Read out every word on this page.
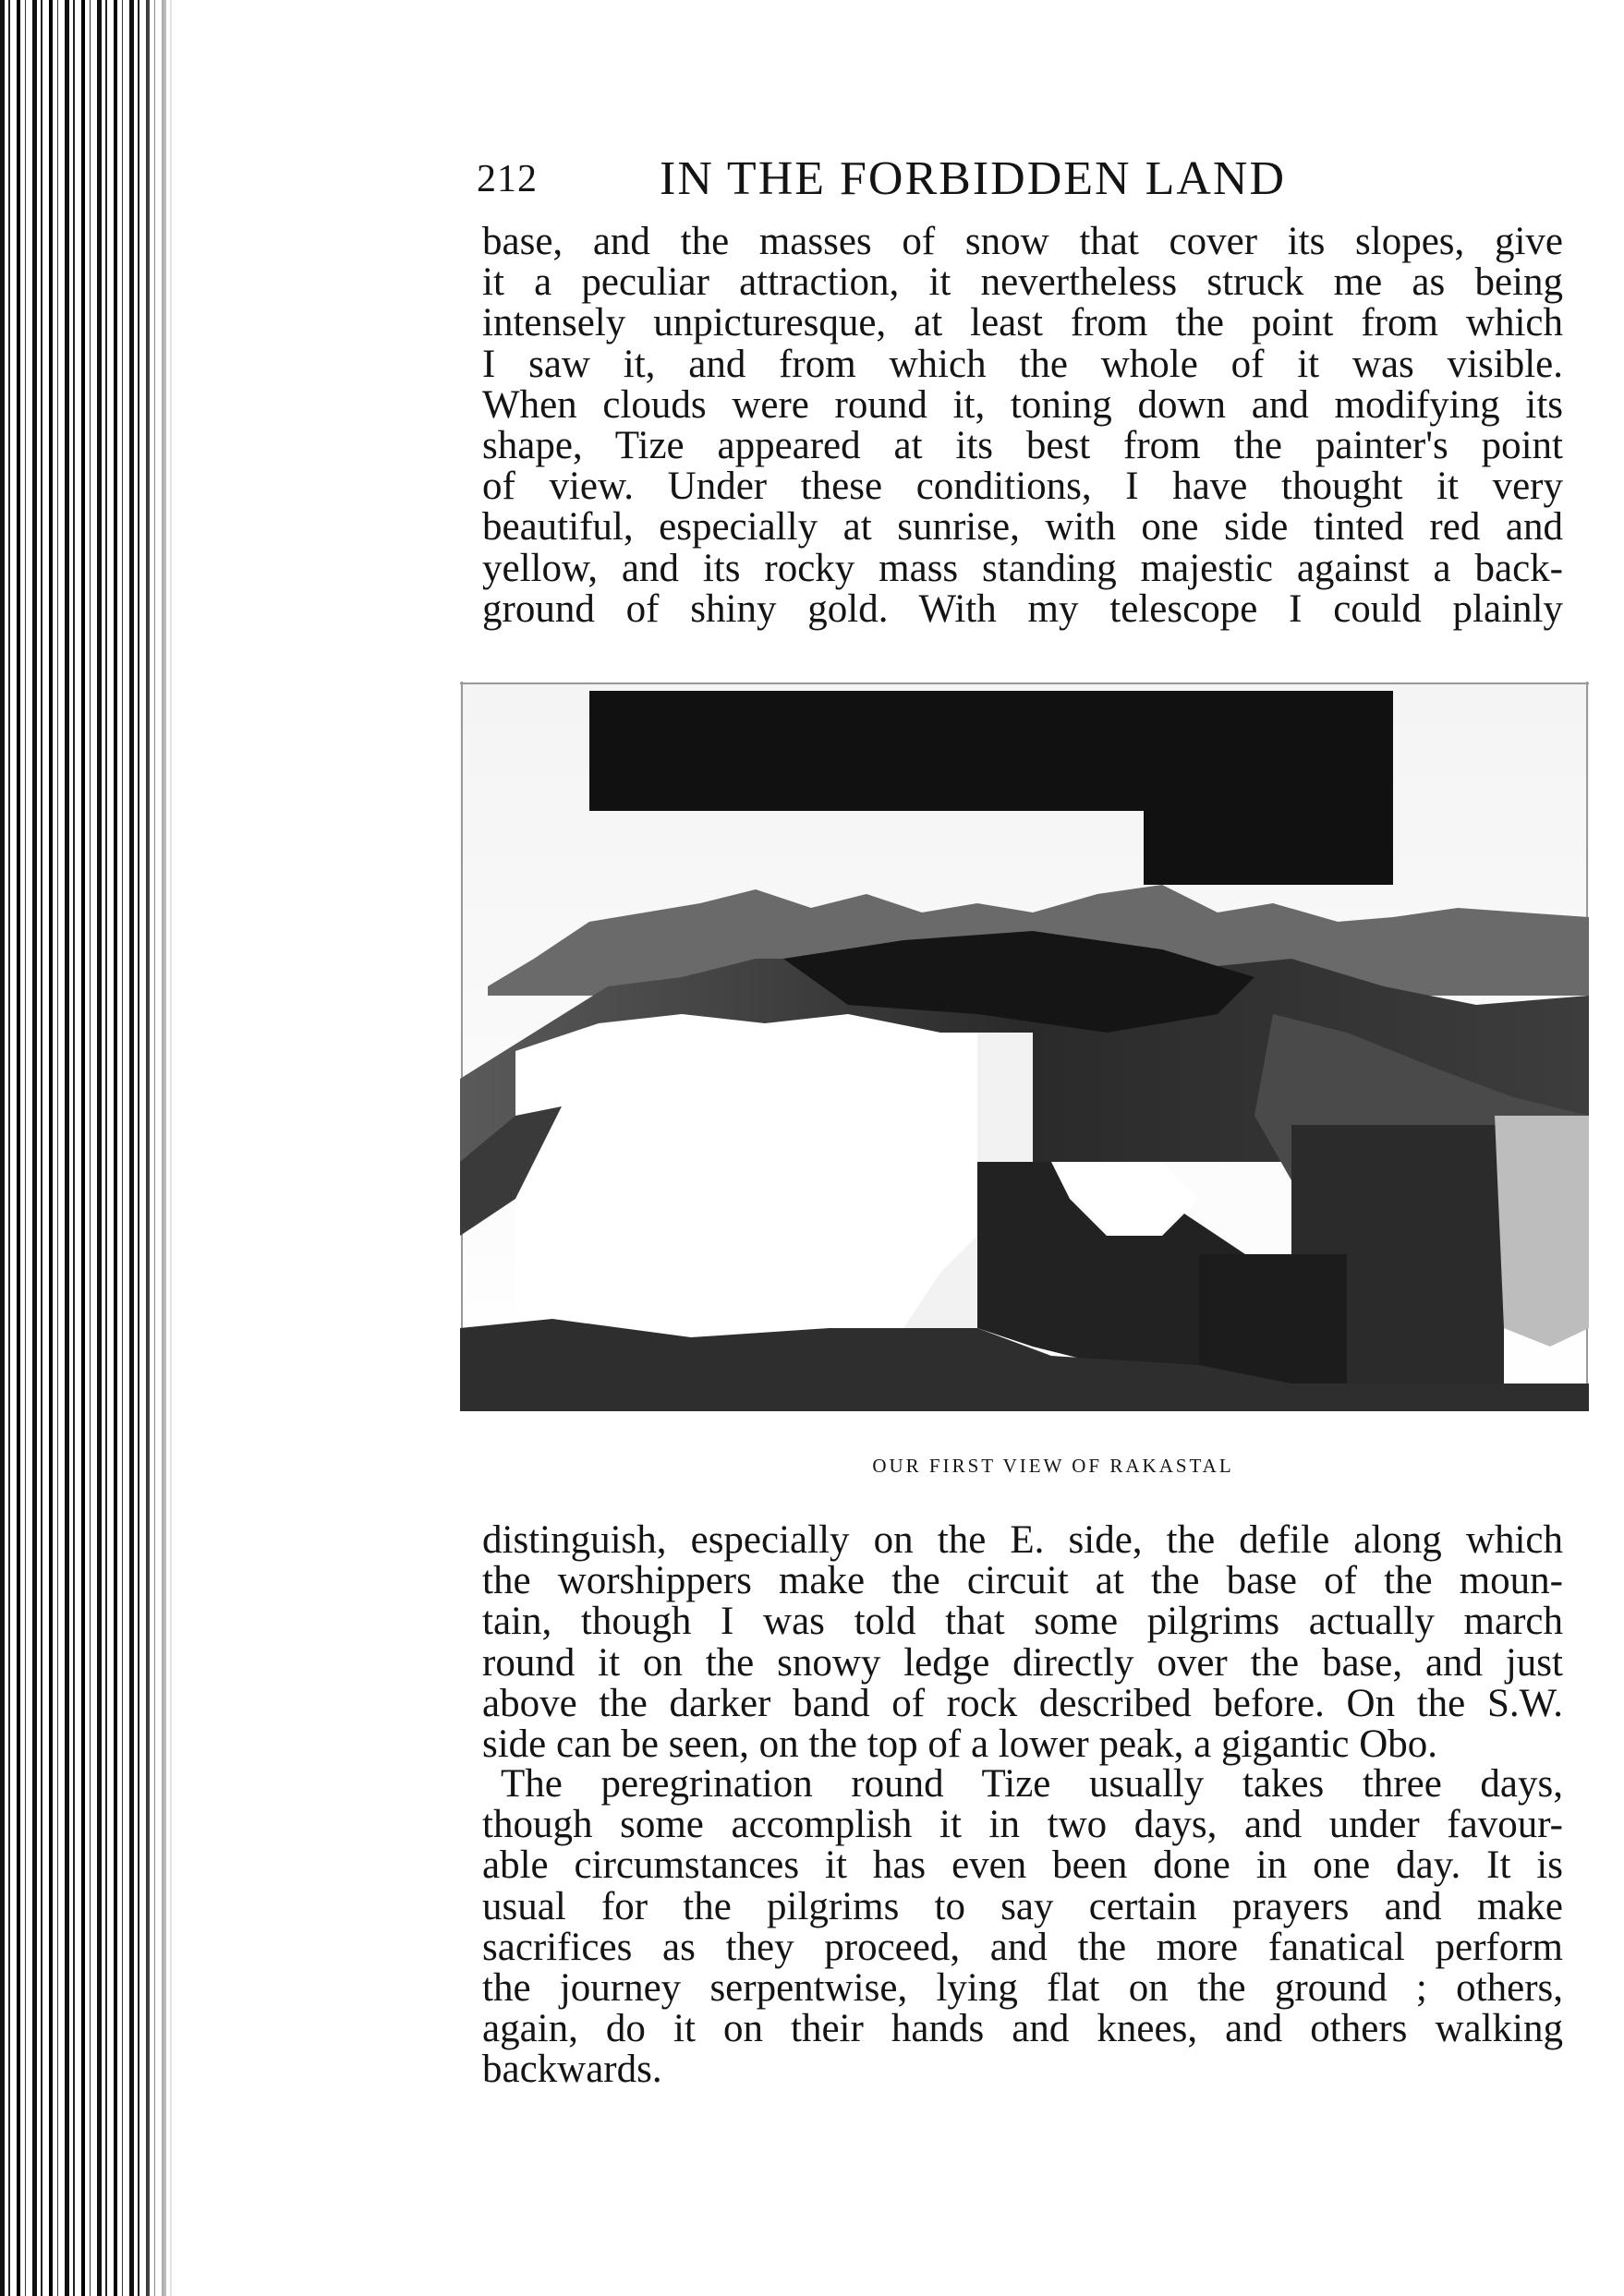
212	IN THE FORBIDDEN LAND
base, and the masses of snow that cover its slopes, give
it a peculiar attraction, it nevertheless struck me as being
intensely unpicturesque, at least from the point from which
I saw it, and from which the whole of it was visible.
When clouds were round it, toning down and modifying its
shape, Tize appeared at its best from the painter's point
of view. Under these conditions, I have thought it very
beautiful, especially at sunrise, with one side tinted red and
yellow, and its rocky mass standing majestic against a back-
ground of shiny gold. With my telescope I could plainly
OUR FIRST VIEW OF RAKASTAL
distinguish, especially on the E. side, the defile along which
the worshippers make the circuit at the base of the moun-
tain, though I was told that some pilgrims actually march
round it on the snowy ledge directly over the base, and just
above the darker band of rock described before. On the S.W.
side can be seen, on the top of a lower peak, a gigantic Obo.
The peregrination round Tize usually takes three days,
though some accomplish it in two days, and under favour-
able circumstances it has even been done in one day. It is
usual for the pilgrims to say certain prayers and make
sacrifices as they proceed, and the more fanatical perform
the journey serpentwise, lying flat on the ground ; others,
again, do it on their hands and knees, and others walking
backwards.
